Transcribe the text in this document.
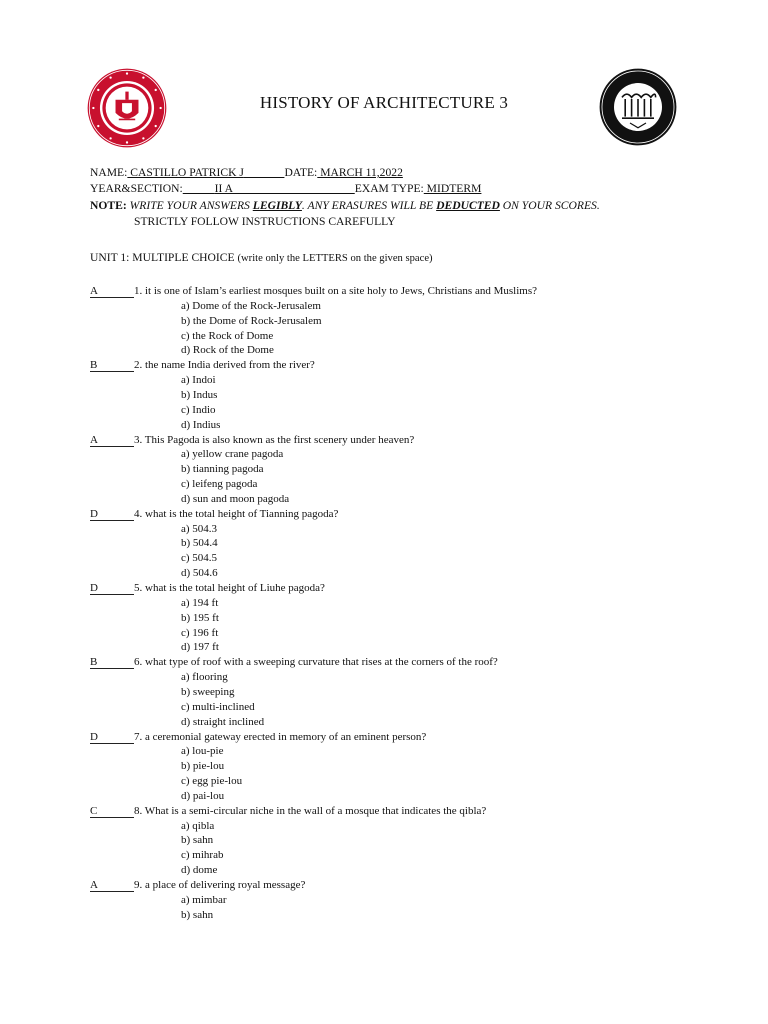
HISTORY OF ARCHITECTURE 3
NAME: CASTILLO PATRICK J	DATE: MARCH 11,2022
YEAR&SECTION:	II A	EXAM TYPE: MIDTERM
NOTE: WRITE YOUR ANSWERS LEGIBLY. ANY ERASURES WILL BE DEDUCTED ON YOUR SCORES.
STRICTLY FOLLOW INSTRUCTIONS CAREFULLY
UNIT 1: MULTIPLE CHOICE (write only the LETTERS on the given space)
A	1. it is one of Islam’s earliest mosques built on a site holy to Jews, Christians and Muslims?
a) Dome of the Rock-Jerusalem
b) the Dome of Rock-Jerusalem
c) the Rock of Dome
d) Rock of the Dome
B	2. the name India derived from the river?
a) Indoi
b) Indus
c) Indio
d) Indius
A	3. This Pagoda is also known as the first scenery under heaven?
a) yellow crane pagoda
b) tianning pagoda
c) leifeng pagoda
d) sun and moon pagoda
D	4. what is the total height of Tianning pagoda?
a) 504.3
b) 504.4
c) 504.5
d) 504.6
D	5. what is the total height of Liuhe pagoda?
a) 194 ft
b) 195 ft
c) 196 ft
d) 197 ft
B	6. what type of roof with a sweeping curvature that rises at the corners of the roof?
a) flooring
b) sweeping
c) multi-inclined
d) straight inclined
D	7. a ceremonial gateway erected in memory of an eminent person?
a) lou-pie
b) pie-lou
c) egg pie-lou
d) pai-lou
C	8. What is a semi-circular niche in the wall of a mosque that indicates the qibla?
a) qibla
b) sahn
c) mihrab
d) dome
A	9. a place of delivering royal message?
a) mimbar
b) sahn
